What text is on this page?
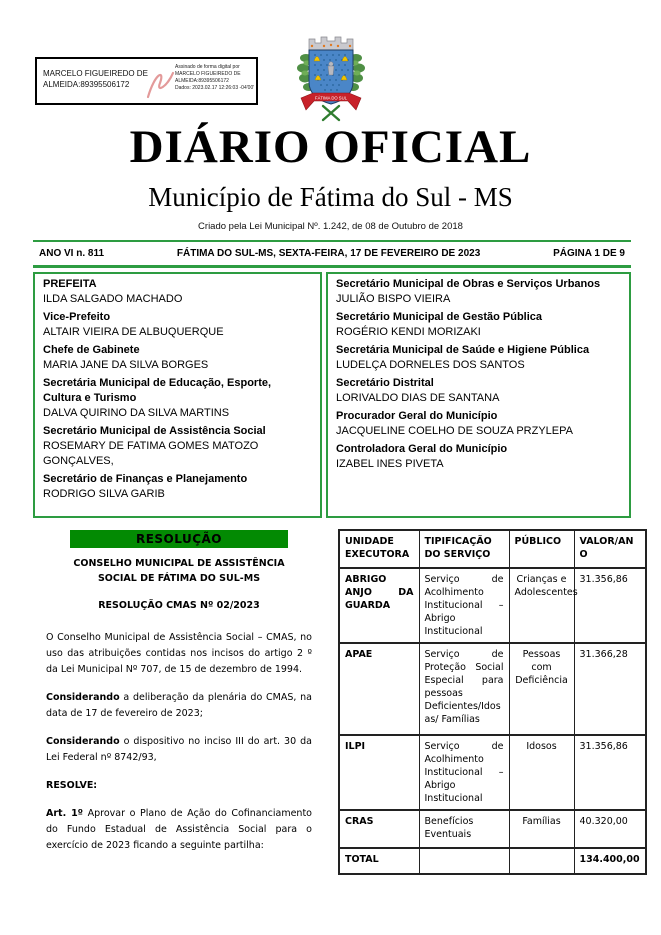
MARCELO FIGUEIREDO DE ALMEIDA:89395506172
Assinado de forma digital por
MARCELO FIGUEIREDO DE
ALMEIDA:89395506172
Dados: 2023.02.17 12:26:03 -04'00'
FÁTIMA DO SUL
DIÁRIO OFICIAL
Município de Fátima do Sul - MS
Criado pela Lei Municipal Nº. 1.242, de 08 de Outubro de 2018
ANO VI n. 811	FÁTIMA DO SUL-MS, SEXTA-FEIRA, 17 DE FEVEREIRO DE 2023	PÁGINA 1 DE 9
PREFEITA
ILDA SALGADO MACHADO
Vice-Prefeito
ALTAIR VIEIRA DE ALBUQUERQUE
Chefe de Gabinete
MARIA JANE DA SILVA BORGES
Secretária Municipal de Educação, Esporte, Cultura e Turismo
DALVA QUIRINO DA SILVA MARTINS
Secretário Municipal de Assistência Social
ROSEMARY DE FATIMA GOMES MATOZO GONÇALVES,
Secretário de Finanças e Planejamento
RODRIGO SILVA GARIB
Secretário Municipal de Obras e Serviços Urbanos
JULIÃO BISPO VIEIRA
Secretário Municipal de Gestão Pública
ROGÉRIO KENDI MORIZAKI
Secretária Municipal de Saúde e Higiene Pública
LUDELÇA DORNELES DOS SANTOS
Secretário Distrital
LORIVALDO DIAS DE SANTANA
Procurador Geral do Município
JACQUELINE COELHO DE SOUZA PRZYLEPA
Controladora Geral do Município
IZABEL INES PIVETA
RESOLUÇÃO
CONSELHO MUNICIPAL DE ASSISTÊNCIA SOCIAL DE FÁTIMA DO SUL-MS
RESOLUÇÃO CMAS Nº 02/2023

O Conselho Municipal de Assistência Social – CMAS, no uso das atribuições contidas nos incisos do artigo 2 º da Lei Municipal Nº 707, de 15 de dezembro de 1994.

Considerando a deliberação da plenária do CMAS, na data de 17 de fevereiro de 2023;

Considerando o dispositivo no inciso III do art. 30 da Lei Federal nº 8742/93,

RESOLVE:

Art. 1º Aprovar o Plano de Ação do Cofinanciamento do Fundo Estadual de Assistência Social para o exercício de 2023 ficando a seguinte partilha:

UNIDADE EXECUTORA	TIPIFICAÇÃO DO SERVIÇO	PÚBLICO	VALOR/ANO
ABRIGO ANJO DA GUARDA	Serviço de Acolhimento Institucional – Abrigo Institucional	Crianças e Adolescentes	31.356,86
APAE	Serviço de Proteção Social Especial para pessoas Deficientes/Idosas/ Famílias	Pessoas com Deficiência	31.366,28
ILPI	Serviço de Acolhimento Institucional – Abrigo Institucional	Idosos	31.356,86
CRAS	Benefícios Eventuais	Famílias	40.320,00
TOTAL			134.400,00
